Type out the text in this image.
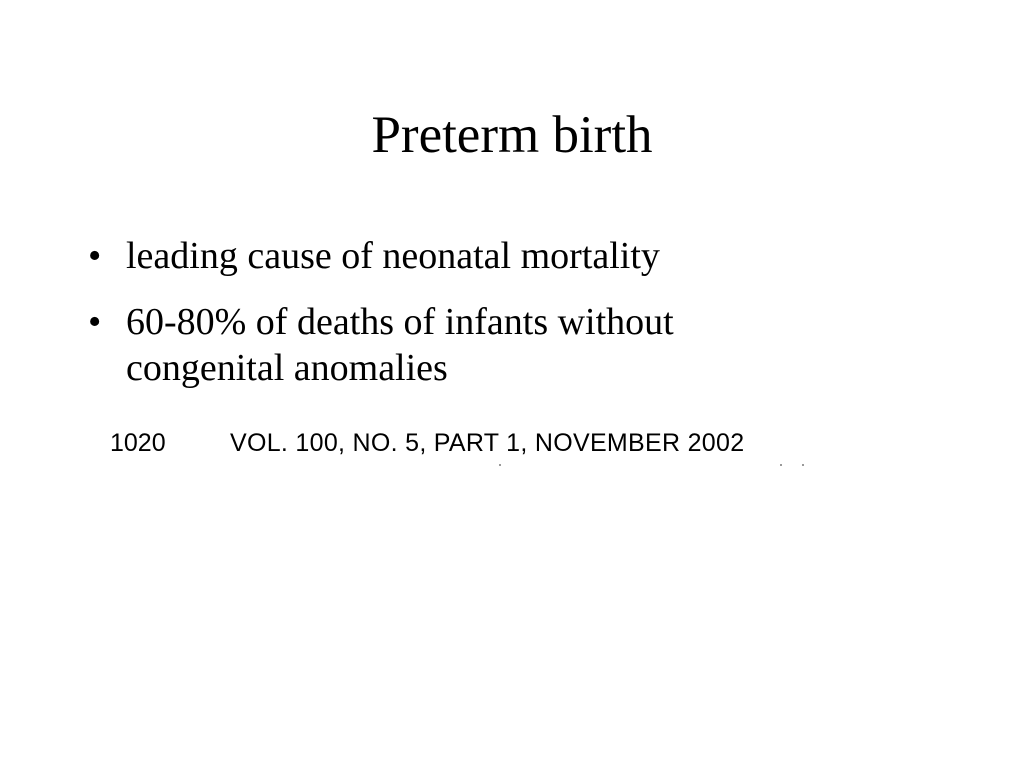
Preterm birth
• leading cause of neonatal mortality
• 60-80% of deaths of infants without congenital anomalies
1020	VOL. 100, NO. 5, PART 1, NOVEMBER 2002
